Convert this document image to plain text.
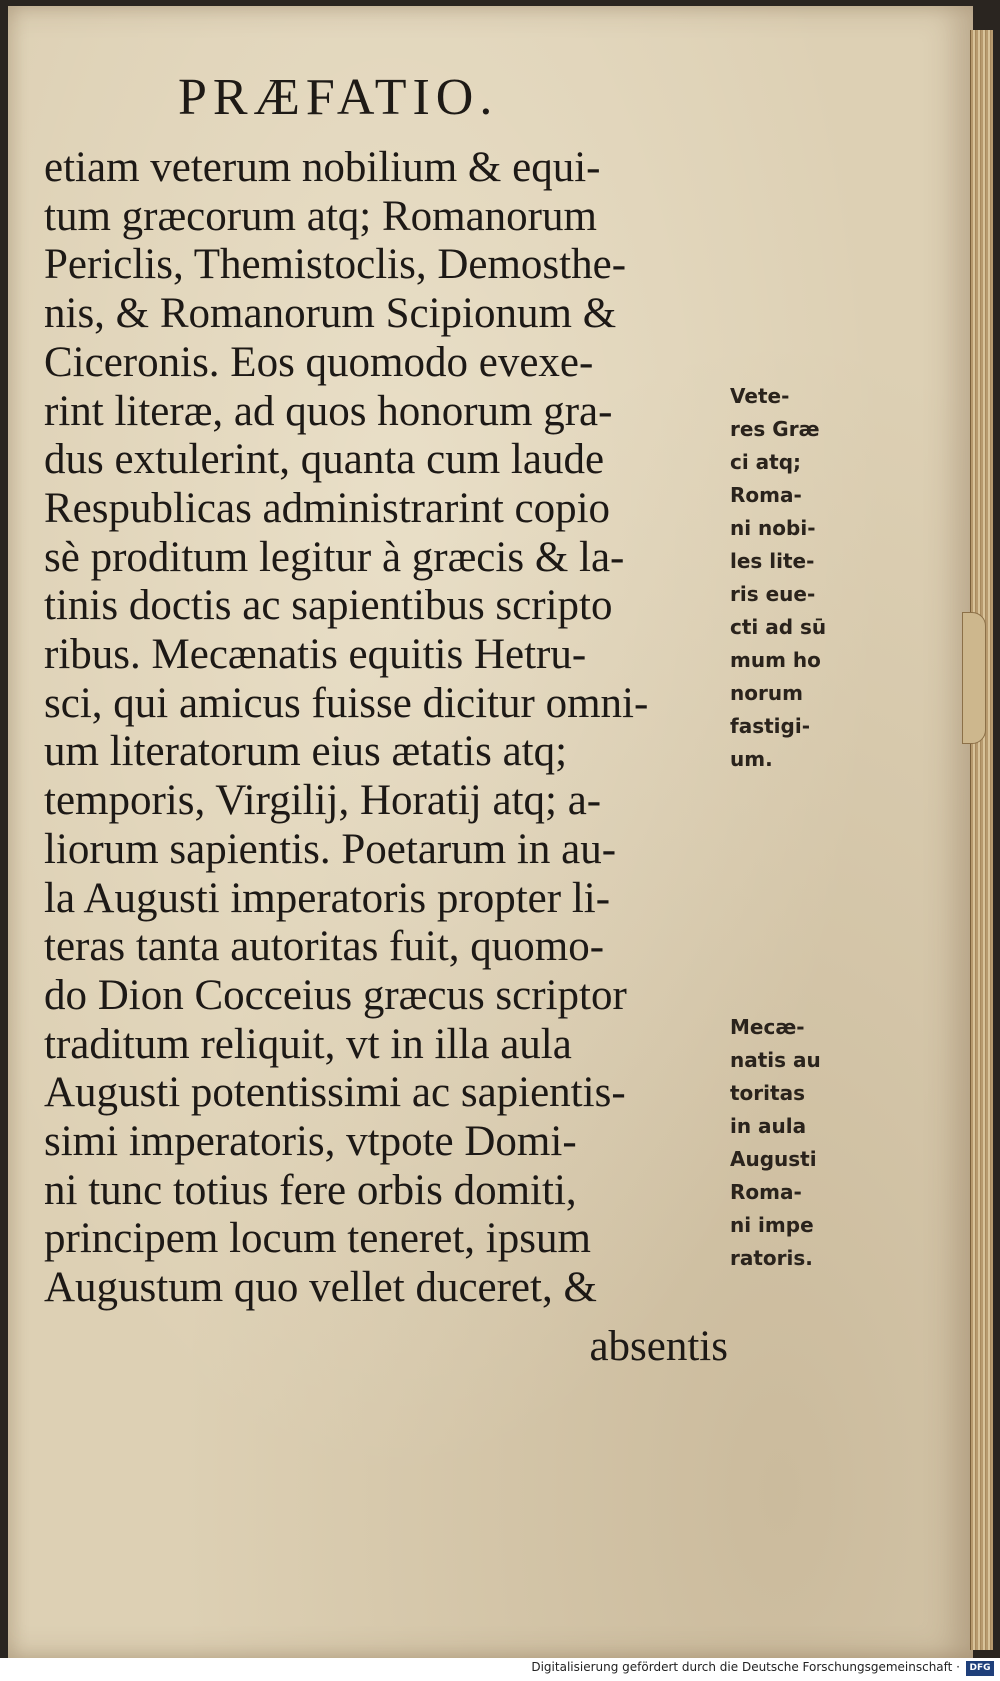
PRÆFATIO.
etiam veterum nobilium & equi-
tum græcorum atq; Romanorum
Periclis, Themistoclis, Demosthe-
nis, & Romanorum Scipionum &
Ciceronis. Eos quomodo evexe-
rint literæ, ad quos honorum gra-
dus extulerint, quanta cum laude
Respublicas administrarint copio
sè proditum legitur à græcis & la-
tinis doctis ac sapientibus scripto
ribus. Mecænatis equitis Hetru-
sci, qui amicus fuisse dicitur omni-
um literatorum eius ætatis atq;
temporis, Virgilij, Horatij atq; a-
liorum sapientis. Poetarum in au-
la Augusti imperatoris propter li-
teras tanta autoritas fuit, quomo-
do Dion Cocceius græcus scriptor
traditum reliquit, vt in illa aula
Augusti potentissimi ac sapientis-
simi imperatoris, vtpote Domi-
ni tunc totius fere orbis domiti,
principem locum teneret, ipsum
Augustum quo vellet duceret, &
absentis
Vete-
res Græ
ci atq;
Roma-
ni nobi-
les lite-
ris eue-
cti ad sū
mum ho
norum
fastigi-
um.
Mecæ-
natis au
toritas
in aula
Augusti
Roma-
ni impe
ratoris.
Digitalisierung gefördert durch die Deutsche Forschungsgemeinschaft ·	DFG
